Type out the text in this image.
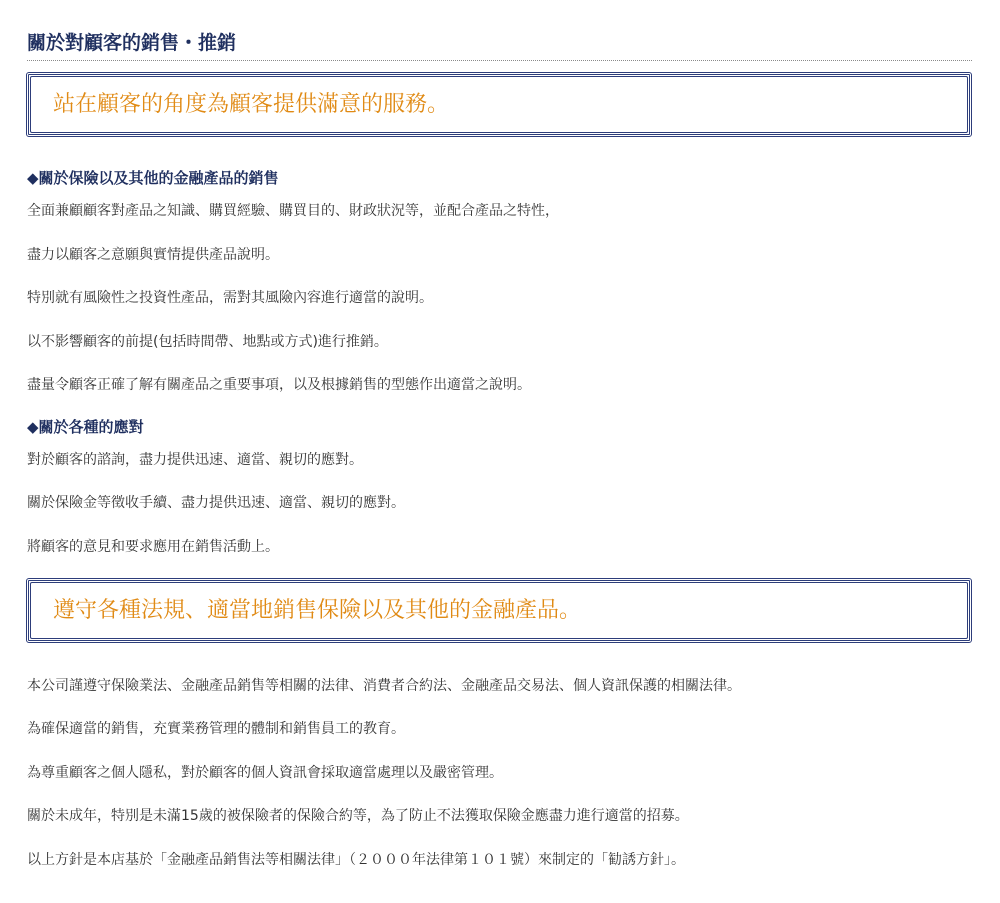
關於對顧客的銷售・推銷
站在顧客的角度為顧客提供滿意的服務。
◆關於保險以及其他的金融產品的銷售

全面兼顧顧客對產品之知識、購買經驗、購買目的、財政狀況等，並配合產品之特性，

盡力以顧客之意願與實情提供產品說明。

特別就有風險性之投資性產品，需對其風險內容進行適當的說明。

以不影響顧客的前提(包括時間帶、地點或方式)進行推銷。

盡量令顧客正確了解有關產品之重要事項，以及根據銷售的型態作出適當之說明。

◆關於各種的應對

對於顧客的諮詢，盡力提供迅速、適當、親切的應對。

關於保險金等徵收手續、盡力提供迅速、適當、親切的應對。

將顧客的意見和要求應用在銷售活動上。

遵守各種法規、適當地銷售保險以及其他的金融產品。

本公司謹遵守保險業法、金融產品銷售等相關的法律、消費者合約法、金融產品交易法、個人資訊保護的相關法律。

為確保適當的銷售，充實業務管理的體制和銷售員工的教育。

為尊重顧客之個人隱私，對於顧客的個人資訊會採取適當處理以及嚴密管理。

關於未成年，特別是未滿15歲的被保險者的保險合約等，為了防止不法獲取保險金應盡力進行適當的招募。

以上方針是本店基於「金融產品銷售法等相關法律」（２０００年法律第１０１號）來制定的「勧誘方針」。
